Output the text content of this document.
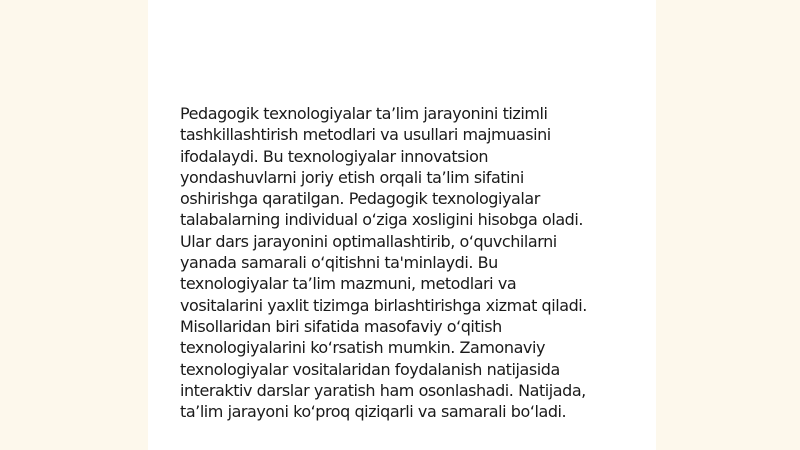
Pedagogik texnologiyalar ta’lim jarayonini tizimli
tashkillashtirish metodlari va usullari majmuasini
ifodalaydi. Bu texnologiyalar innovatsion
yondashuvlarni joriy etish orqali ta’lim sifatini
oshirishga qaratilgan. Pedagogik texnologiyalar
talabalarning individual o‘ziga xosligini hisobga oladi.
Ular dars jarayonini optimallashtirib, o‘quvchilarni
yanada samarali o‘qitishni ta'minlaydi. Bu
texnologiyalar ta’lim mazmuni, metodlari va
vositalarini yaxlit tizimga birlashtirishga xizmat qiladi.
Misollaridan biri sifatida masofaviy o‘qitish
texnologiyalarini ko‘rsatish mumkin. Zamonaviy
texnologiyalar vositalaridan foydalanish natijasida
interaktiv darslar yaratish ham osonlashadi. Natijada,
ta’lim jarayoni ko‘proq qiziqarli va samarali bo‘ladi.
